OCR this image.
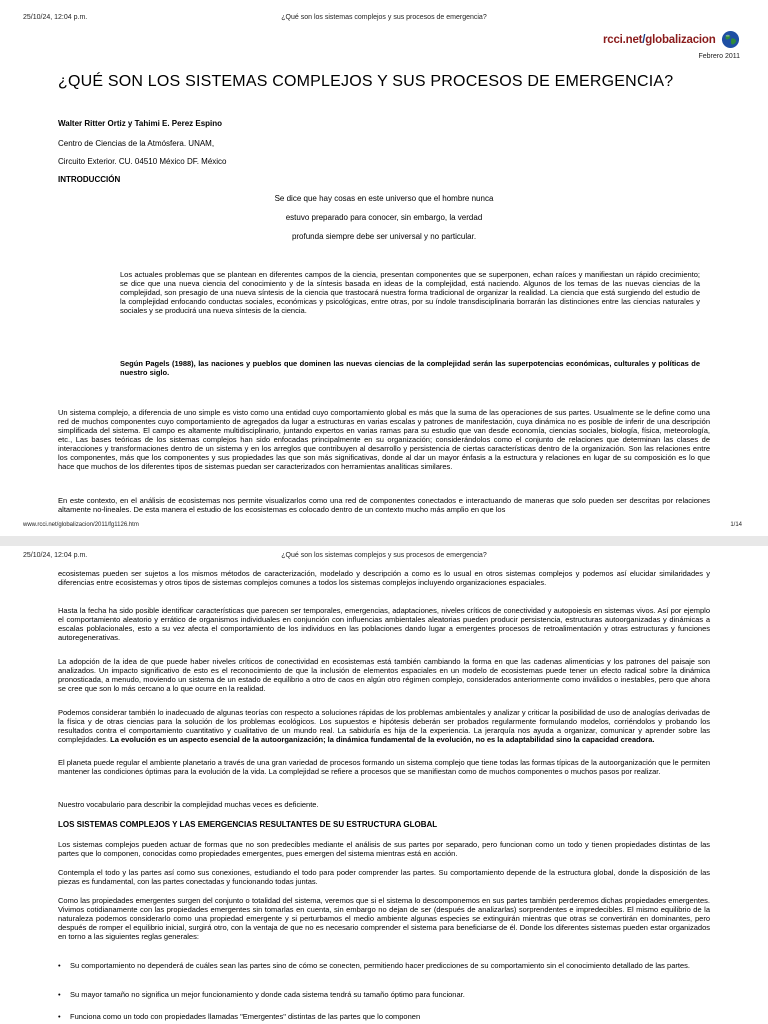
25/10/24, 12:04 p.m.	¿Qué son los sistemas complejos y sus procesos de emergencia?
rcci.net/globalizacion
Febrero 2011
¿QUÉ SON LOS SISTEMAS COMPLEJOS Y SUS PROCESOS DE EMERGENCIA?
Walter Ritter Ortiz y Tahimi E. Perez Espino
Centro de Ciencias de la Atmósfera. UNAM,
Circuito Exterior. CU. 04510 México DF. México
INTRODUCCIÓN
Se dice que hay cosas en este universo que el hombre nunca
estuvo preparado para conocer, sin embargo, la verdad
profunda siempre debe ser universal y no particular.

Los actuales problemas que se plantean en diferentes campos de la ciencia, presentan componentes que se superponen, echan raíces y manifiestan un rápido crecimiento; se dice que una nueva ciencia del conocimiento y de la síntesis basada en ideas de la complejidad, está naciendo. Algunos de los temas de las nuevas ciencias de la complejidad, son presagio de una nueva síntesis de la ciencia que trastocará nuestra forma tradicional de organizar la realidad. La ciencia que está surgiendo del estudio de la complejidad enfocando conductas sociales, económicas y psicológicas, entre otras, por su índole transdisciplinaria borrarán las distinciones entre las ciencias naturales y sociales y se producirá una nueva síntesis de la ciencia.

Según Pagels (1988), las naciones y pueblos que dominen las nuevas ciencias de la complejidad serán las superpotencias económicas, culturales y políticas de nuestro siglo.

Un sistema complejo, a diferencia de uno simple es visto como una entidad cuyo comportamiento global es más que la suma de las operaciones de sus partes. Usualmente se le define como una red de muchos componentes cuyo comportamiento de agregados da lugar a estructuras en varias escalas y patrones de manifestación, cuya dinámica no es posible de inferir de una descripción simplificada del sistema. El campo es altamente multidisciplinario, juntando expertos en varias ramas para su estudio que van desde economía, ciencias sociales, biología, física, meteorología, etc., Las bases teóricas de los sistemas complejos han sido enfocadas principalmente en su organización; considerándolos como el conjunto de relaciones que determinan las clases de interacciones y transformaciones dentro de un sistema y en los arreglos que contribuyen al desarrollo y persistencia de ciertas características dentro de la organización. Son las relaciones entre los componentes, más que los componentes y sus propiedades las que son más significativas, donde al dar un mayor énfasis a la estructura y relaciones en lugar de su composición es lo que hace que muchos de los diferentes tipos de sistemas puedan ser caracterizados con herramientas analíticas similares.

En este contexto, en el análisis de ecosistemas nos permite visualizarlos como una red de componentes conectados e interactuando de maneras que solo pueden ser descritas por relaciones altamente no-lineales. De esta manera el estudio de los ecosistemas es colocado dentro de un contexto mucho más amplio en que los

www.rcci.net/globalizacion/2011/fg1126.htm	1/14
25/10/24, 12:04 p.m.	¿Qué son los sistemas complejos y sus procesos de emergencia?

ecosistemas pueden ser sujetos a los mismos métodos de caracterización, modelado y descripción a como es lo usual en otros sistemas complejos y podemos así elucidar similaridades y diferencias entre ecosistemas y otros tipos de sistemas complejos comunes a todos los sistemas complejos incluyendo organizaciones espaciales.

Hasta la fecha ha sido posible identificar características que parecen ser temporales, emergencias, adaptaciones, niveles críticos de conectividad y autopoiesis en sistemas vivos. Así por ejemplo el comportamiento aleatorio y errático de organismos individuales en conjunción con influencias ambientales aleatorias pueden producir persistencia, estructuras autoorganizadas y dinámicas a escalas poblacionales, esto a su vez afecta el comportamiento de los individuos en las poblaciones dando lugar a emergentes procesos de retroalimentación y otras estructuras y funciones autoregenerativas.

La adopción de la idea de que puede haber niveles críticos de conectividad en ecosistemas está también cambiando la forma en que las cadenas alimenticias y los patrones del paisaje son analizados. Un impacto significativo de esto es el reconocimiento de que la inclusión de elementos espaciales en un modelo de ecosistemas puede tener un efecto radical sobre la dinámica pronosticada, a menudo, moviendo un sistema de un estado de equilibrio a otro de caos en algún otro régimen complejo, considerados anteriormente como inválidos o inestables, pero que ahora se cree que son lo más cercano a lo que ocurre en la realidad.

Podemos considerar también lo inadecuado de algunas teorías con respecto a soluciones rápidas de los problemas ambientales y analizar y criticar la posibilidad de uso de analogías derivadas de la física y de otras ciencias para la solución de los problemas ecológicos. Los supuestos e hipótesis deberán ser probados regularmente formulando modelos, corriéndolos y probando los resultados contra el comportamiento cuantitativo y cualitativo de un mundo real. La sabiduría es hija de la experiencia. La jerarquía nos ayuda a organizar, comunicar y aprender sobre las complejidades. La evolución es un aspecto esencial de la autoorganización; la dinámica fundamental de la evolución, no es la adaptabilidad sino la capacidad creadora.

El planeta puede regular el ambiente planetario a través de una gran variedad de procesos formando un sistema complejo que tiene todas las formas típicas de la autoorganización que le permiten mantener las condiciones óptimas para la evolución de la vida. La complejidad se refiere a procesos que se manifiestan como de muchos componentes o muchos pasos por realizar.

Nuestro vocabulario para describir la complejidad muchas veces es deficiente.

LOS SISTEMAS COMPLEJOS Y LAS EMERGENCIAS RESULTANTES DE SU ESTRUCTURA GLOBAL

Los sistemas complejos pueden actuar de formas que no son predecibles mediante el análisis de sus partes por separado, pero funcionan como un todo y tienen propiedades distintas de las partes que lo componen, conocidas como propiedades emergentes, pues emergen del sistema mientras está en acción.

Contempla el todo y las partes así como sus conexiones, estudiando el todo para poder comprender las partes. Su comportamiento depende de la estructura global, donde la disposición de las piezas es fundamental, con las partes conectadas y funcionando todas juntas.

Como las propiedades emergentes surgen del conjunto o totalidad del sistema, veremos que si el sistema lo descomponemos en sus partes también perderemos dichas propiedades emergentes. Vivimos cotidianamente con las propiedades emergentes sin tomarlas en cuenta, sin embargo no dejan de ser (después de analizarlas) sorprendentes e impredecibles. El mismo equilibrio de la naturaleza podemos considerarlo como una propiedad emergente y si perturbamos el medio ambiente algunas especies se extinguirán mientras que otras se convertirán en dominantes, pero después de romper el equilibrio inicial, surgirá otro, con la ventaja de que no es necesario comprender el sistema para beneficiarse de él. Donde los diferentes sistemas pueden estar organizados en torno a las siguientes reglas generales:

• Su comportamiento no dependerá de cuáles sean las partes sino de cómo se conecten, permitiendo hacer predicciones de su comportamiento sin el conocimiento detallado de las partes.
• Su mayor tamaño no significa un mejor funcionamiento y donde cada sistema tendrá su tamaño óptimo para funcionar.
• Funciona como un todo con propiedades llamadas "Emergentes" distintas de las partes que lo componen
